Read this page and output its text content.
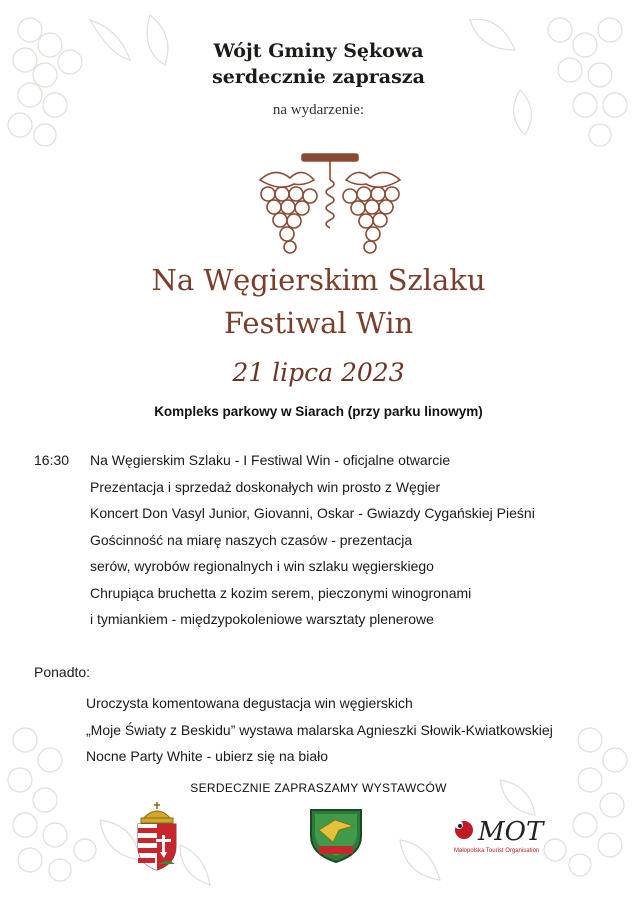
Wójt Gminy Sękowa
serdecznie zaprasza
na wydarzenie:
Na Węgierskim Szlaku
Festiwal Win
21 lipca 2023
Kompleks parkowy w Siarach (przy parku linowym)
16:30 Na Węgierskim Szlaku - I Festiwal Win - oficjalne otwarcie
Prezentacja i sprzedaż doskonałych win prosto z Węgier
Koncert Don Vasyl Junior, Giovanni, Oskar - Gwiazdy Cygańskiej Pieśni
Gościnność na miarę naszych czasów - prezentacja
serów, wyrobów regionalnych i win szlaku węgierskiego
Chrupiąca bruchetta z kozim serem, pieczonymi winogronami
i tymiankiem - międzypokoleniowe warsztaty plenerowe
Ponadto:
Uroczysta komentowana degustacja win węgierskich
„Moje Światy z Beskidu” wystawa malarska Agnieszki Słowik-Kwiatkowskiej
Nocne Party White - ubierz się na biało
SERDECZNIE ZAPRASZAMY WYSTAWCÓW
MOT
Małopolska Tourist Organisation
